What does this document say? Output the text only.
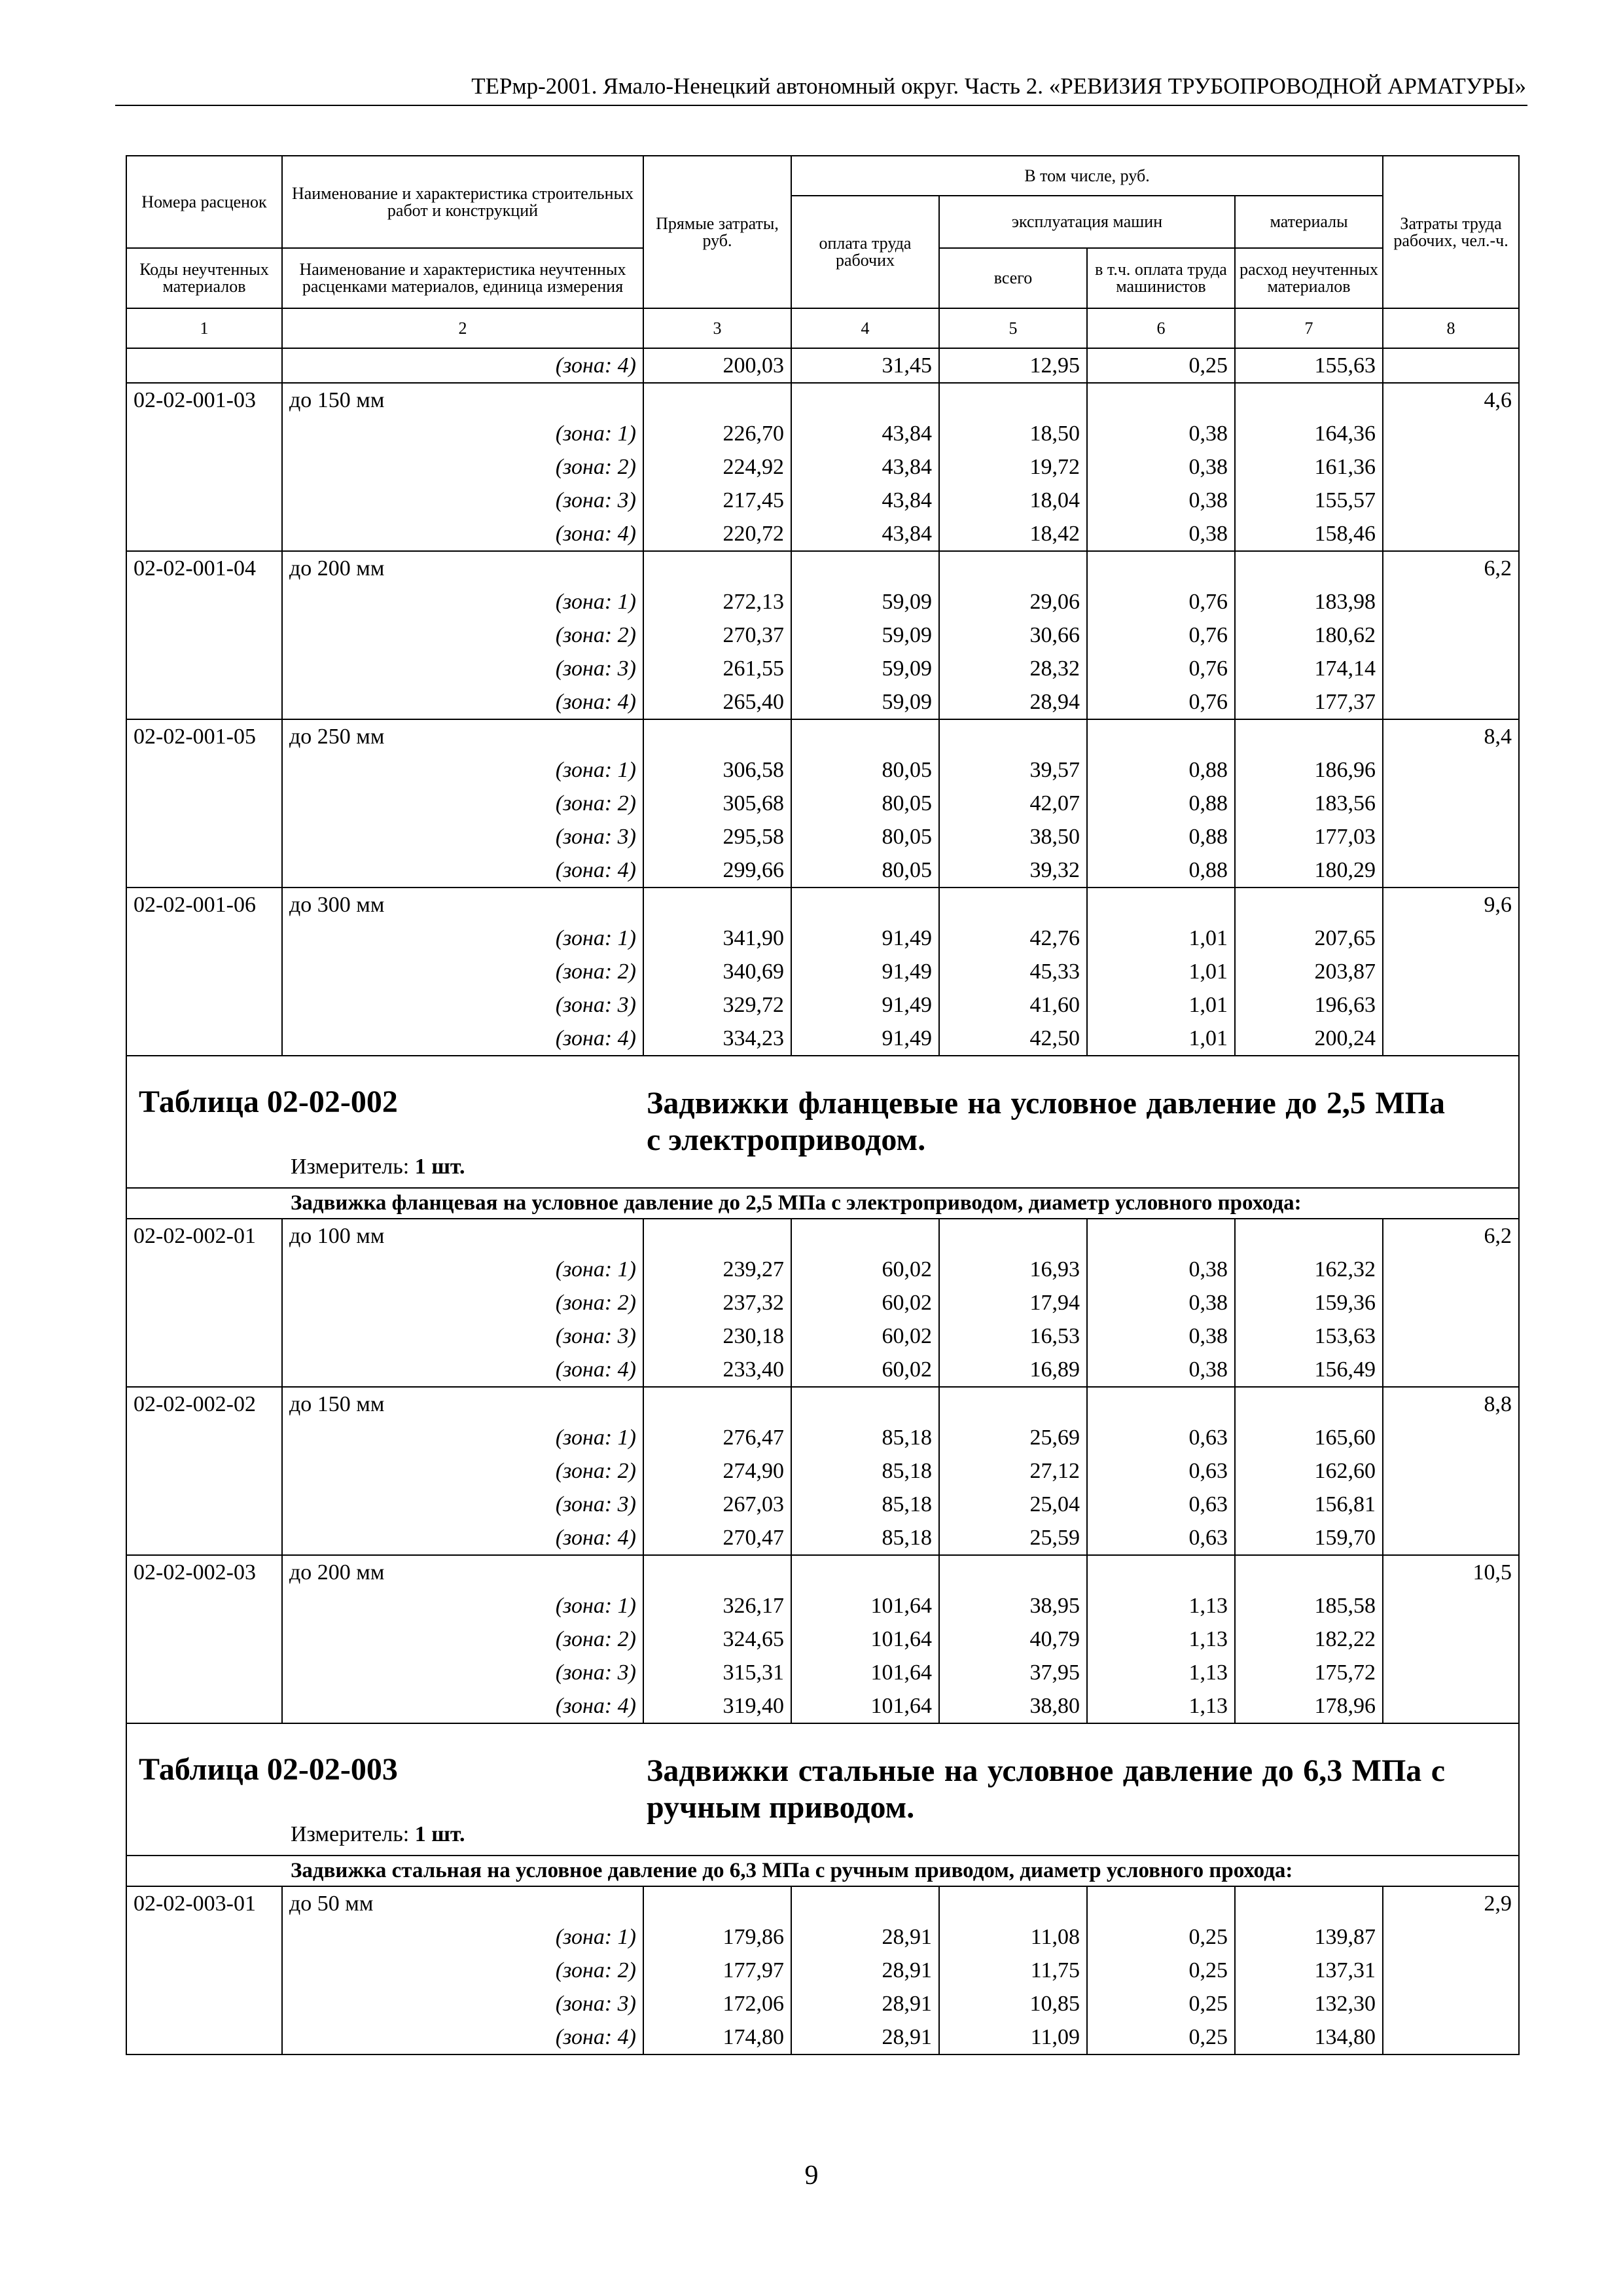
ТЕРмр-2001. Ямало-Ненецкий автономный округ. Часть 2. «РЕВИЗИЯ ТРУБОПРОВОДНОЙ АРМАТУРЫ»
Номера расценок	Наименование и характеристика строительных работ и конструкций	Прямые затраты, руб.	В том числе, руб.				Затраты труда рабочих, чел.-ч.
			оплата труда рабочих	эксплуатация машин		материалы	
Коды неучтенных материалов	Наименование и характеристика неучтенных расценками материалов, единица измерения			всего	в т.ч. оплата труда машинистов	расход неучтенных материалов	
1	2	3	4	5	6	7	8
	(зона: 4)	200,03	31,45	12,95	0,25	155,63	
02-02-001-03	до 150 мм						4,6
	(зона: 1)	226,70	43,84	18,50	0,38	164,36	
	(зона: 2)	224,92	43,84	19,72	0,38	161,36	
	(зона: 3)	217,45	43,84	18,04	0,38	155,57	
	(зона: 4)	220,72	43,84	18,42	0,38	158,46	
02-02-001-04	до 200 мм						6,2
	(зона: 1)	272,13	59,09	29,06	0,76	183,98	
	(зона: 2)	270,37	59,09	30,66	0,76	180,62	
	(зона: 3)	261,55	59,09	28,32	0,76	174,14	
	(зона: 4)	265,40	59,09	28,94	0,76	177,37	
02-02-001-05	до 250 мм						8,4
	(зона: 1)	306,58	80,05	39,57	0,88	186,96	
	(зона: 2)	305,68	80,05	42,07	0,88	183,56	
	(зона: 3)	295,58	80,05	38,50	0,88	177,03	
	(зона: 4)	299,66	80,05	39,32	0,88	180,29	
02-02-001-06	до 300 мм						9,6
	(зона: 1)	341,90	91,49	42,76	1,01	207,65	
	(зона: 2)	340,69	91,49	45,33	1,01	203,87	
	(зона: 3)	329,72	91,49	41,60	1,01	196,63	
	(зона: 4)	334,23	91,49	42,50	1,01	200,24	

Таблица 02-02-002 Задвижки фланцевые на условное давление до 2,5 МПа с электроприводом.
Измеритель: 1 шт.							

Задвижка фланцевая на условное давление до 2,5 МПа с электроприводом, диаметр условного прохода:							
02-02-002-01	до 100 мм						6,2
	(зона: 1)	239,27	60,02	16,93	0,38	162,32	
	(зона: 2)	237,32	60,02	17,94	0,38	159,36	
	(зона: 3)	230,18	60,02	16,53	0,38	153,63	
	(зона: 4)	233,40	60,02	16,89	0,38	156,49	
02-02-002-02	до 150 мм						8,8
	(зона: 1)	276,47	85,18	25,69	0,63	165,60	
	(зона: 2)	274,90	85,18	27,12	0,63	162,60	
	(зона: 3)	267,03	85,18	25,04	0,63	156,81	
	(зона: 4)	270,47	85,18	25,59	0,63	159,70	
02-02-002-03	до 200 мм						10,5
	(зона: 1)	326,17	101,64	38,95	1,13	185,58	
	(зона: 2)	324,65	101,64	40,79	1,13	182,22	
	(зона: 3)	315,31	101,64	37,95	1,13	175,72	
	(зона: 4)	319,40	101,64	38,80	1,13	178,96	

Таблица 02-02-003 Задвижки стальные на условное давление до 6,3 МПа с ручным приводом.
Измеритель: 1 шт.							

Задвижка стальная на условное давление до 6,3 МПа с ручным приводом, диаметр условного прохода:							
02-02-003-01	до 50 мм						2,9
	(зона: 1)	179,86	28,91	11,08	0,25	139,87	
	(зона: 2)	177,97	28,91	11,75	0,25	137,31	
	(зона: 3)	172,06	28,91	10,85	0,25	132,30	
	(зона: 4)	174,80	28,91	11,09	0,25	134,80	
9
